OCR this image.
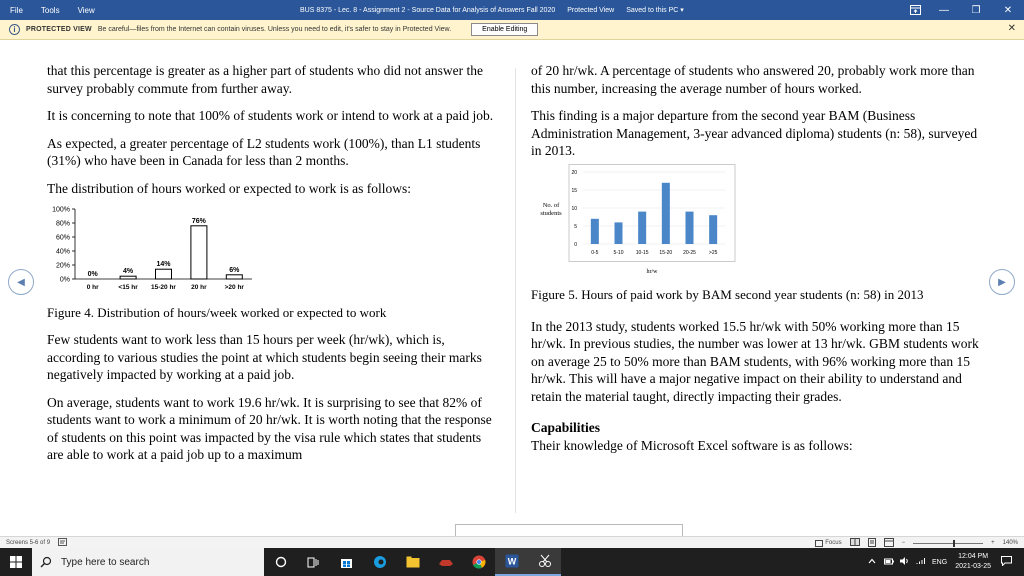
File	Tools	View	BUS 8375 - Lec. 8 - Assignment 2 - Source Data for Analysis of Answers Fall 2020 Protected View Saved to this PC ▾	—	❐	✕
i	PROTECTED VIEW Be careful—files from the Internet can contain viruses. Unless you need to edit, it's safer to stay in Protected View.	Enable Editing	✕

that this percentage is greater as a higher part of students who did not answer the survey probably commute from further away.

It is concerning to note that 100% of students work or intend to work at a paid job.

As expected, a greater percentage of L2 students work (100%), than L1 students (31%) who have been in Canada for less than 2 months.

The distribution of hours worked or expected to work is as follows:

0%
20%
40%
60%
80%
100%
0%
0 hr
4%
<15 hr
14%
15-20 hr
76%
20 hr
6%
>20 hr

Figure 4. Distribution of hours/week worked or expected to work

Few students want to work less than 15 hours per week (hr/wk), which is, according to various studies the point at which students begin seeing their marks negatively impacted by working at a paid job.

On average, students want to work 19.6 hr/wk. It is surprising to see that 82% of students want to work a minimum of 20 hr/wk. It is worth noting that the response of students on this point was impacted by the visa rule which states that students are able to work at a paid job up to a maximum

of 20 hr/wk. A percentage of students who answered 20, probably work more than this number, increasing the average number of hours worked.

This finding is a major departure from the second year BAM (Business Administration Management, 3-year advanced diploma) students (n: 58), surveyed in 2013.

0
5
10
15
20
0-5	5-10 10-15 15-20 20-25	>25
No. of
students
hr/w

Figure 5. Hours of paid work by BAM second year students (n: 58) in 2013

In the 2013 study, students worked 15.5 hr/wk with 50% working more than 15 hr/wk. In previous studies, the number was lower at 13 hr/wk. GBM students work on average 25 to 50% more than BAM students, with 96% working more than 15 hr/wk. This will have a major negative impact on their ability to understand and retain the material taught, directly impacting their grades.

Capabilities

Their knowledge of Microsoft Excel software is as follows:

◀	▶
Screens 5-6 of 9	Focus	−	+ 140%
Type here to search	W	ENG
12:04 PM
2021-03-25
